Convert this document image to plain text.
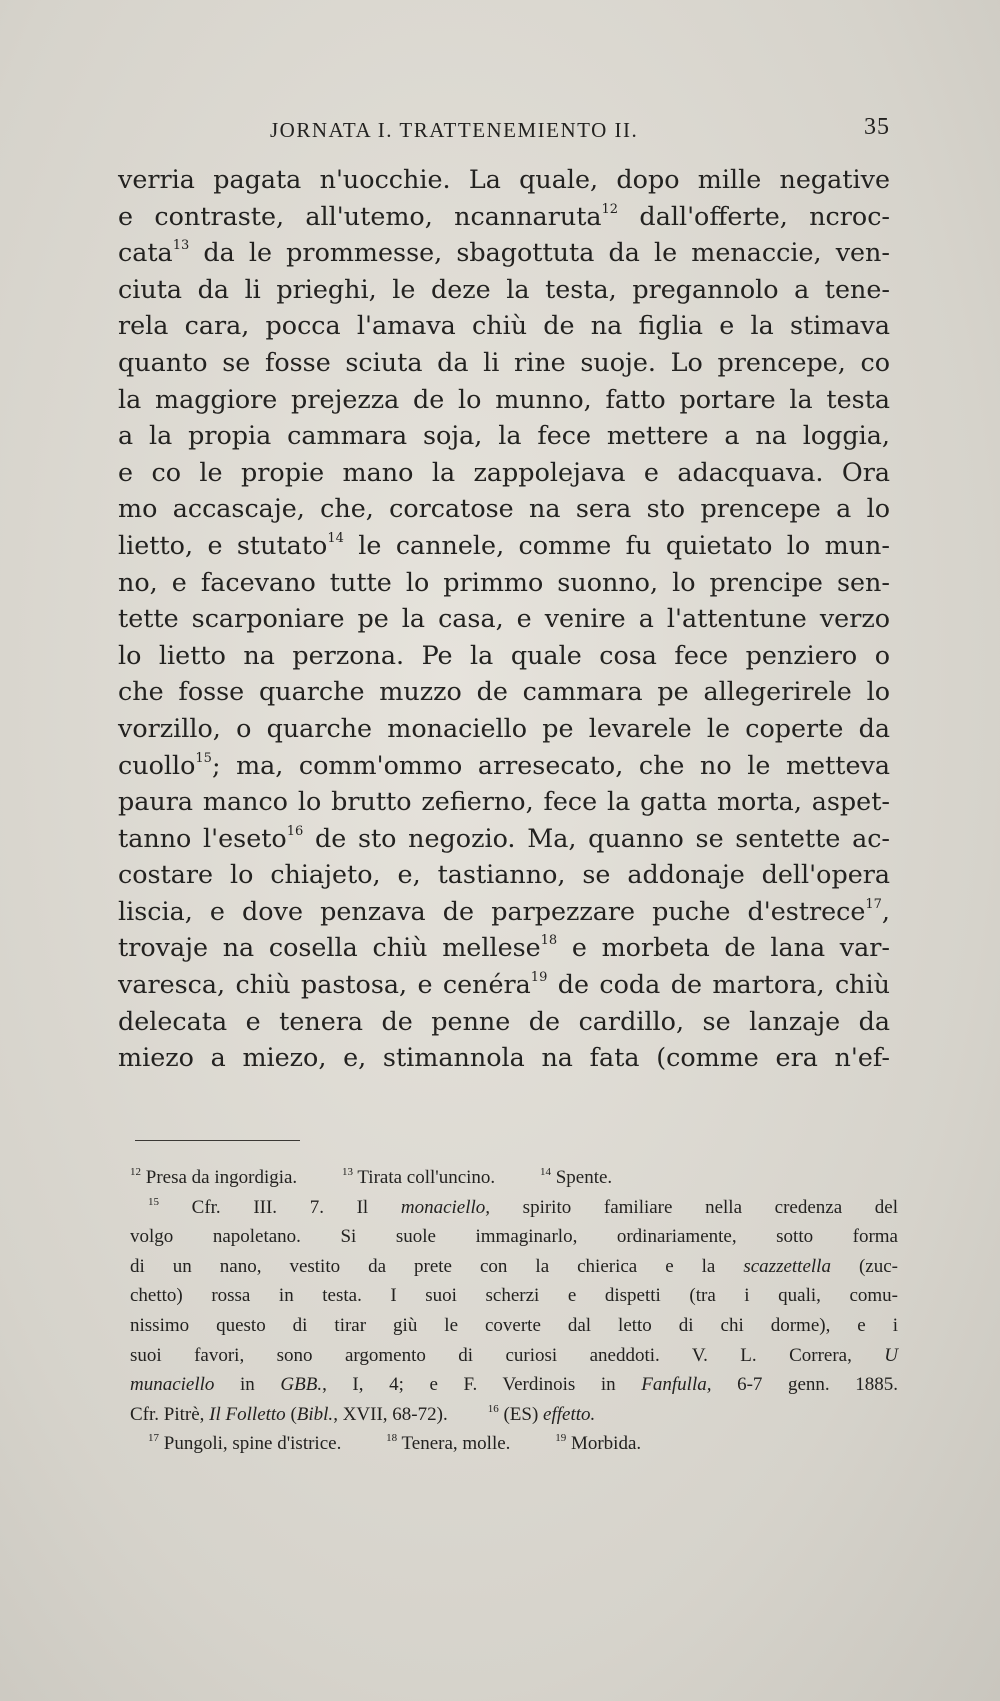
JORNATA I. TRATTENEMIENTO II.	35
verria pagata n'uocchie. La quale, dopo mille negative
e contraste, all'utemo, ncannaruta$^{12}$ dall'offerte, ncroc-
cata$^{13}$ da le prommesse, sbagottuta da le menaccie, ven-
ciuta da li prieghi, le deze la testa, pregannolo a tene-
rela cara, pocca l'amava chiù de na figlia e la stimava
quanto se fosse sciuta da li rine suoje. Lo prencepe, co
la maggiore prejezza de lo munno, fatto portare la testa
a la propia cammara soja, la fece mettere a na loggia,
e co le propie mano la zappolejava e adacquava. Ora
mo accascaje, che, corcatose na sera sto prencepe a lo
lietto, e stutato$^{14}$ le cannele, comme fu quietato lo mun-
no, e facevano tutte lo primmo suonno, lo prencipe sen-
tette scarponiare pe la casa, e venire a l'attentune verzo
lo lietto na perzona. Pe la quale cosa fece penziero o
che fosse quarche muzzo de cammara pe allegerirele lo
vorzillo, o quarche monaciello pe levarele le coperte da
cuollo$^{15}$; ma, comm'ommo arresecato, che no le metteva
paura manco lo brutto zefierno, fece la gatta morta, aspet-
tanno l'eseto$^{16}$ de sto negozio. Ma, quanno se sentette ac-
costare lo chiajeto, e, tastianno, se addonaje dell'opera
liscia, e dove penzava de parpezzare puche d'estrece$^{17}$,
trovaje na cosella chiù mellese$^{18}$ e morbeta de lana var-
varesca, chiù pastosa, e cenéra$^{19}$ de coda de martora, chiù
delecata e tenera de penne de cardillo, se lanzaje da
miezo a miezo, e, stimannola na fata (comme era n'ef-
$^{12}$ Presa da ingordigia.	$^{13}$ Tirata coll'uncino.	$^{14}$ Spente.
$^{15}$ Cfr. III. 7. Il monaciello, spirito familiare nella credenza del
volgo napoletano. Si suole immaginarlo, ordinariamente, sotto forma
di un nano, vestito da prete con la chierica e la scazzettella (zuc-
chetto) rossa in testa. I suoi scherzi e dispetti (tra i quali, comu-
nissimo questo di tirar giù le coverte dal letto di chi dorme), e i
suoi favori, sono argomento di curiosi aneddoti. V. L. Correra, U
munaciello in GBB., I, 4; e F. Verdinois in Fanfulla, 6-7 genn. 1885.
Cfr. Pitrè, Il Folletto (Bibl., XVII, 68-72).	$^{16}$ (ES) effetto.
$^{17}$ Pungoli, spine d'istrice.	$^{18}$ Tenera, molle.	$^{19}$ Morbida.
